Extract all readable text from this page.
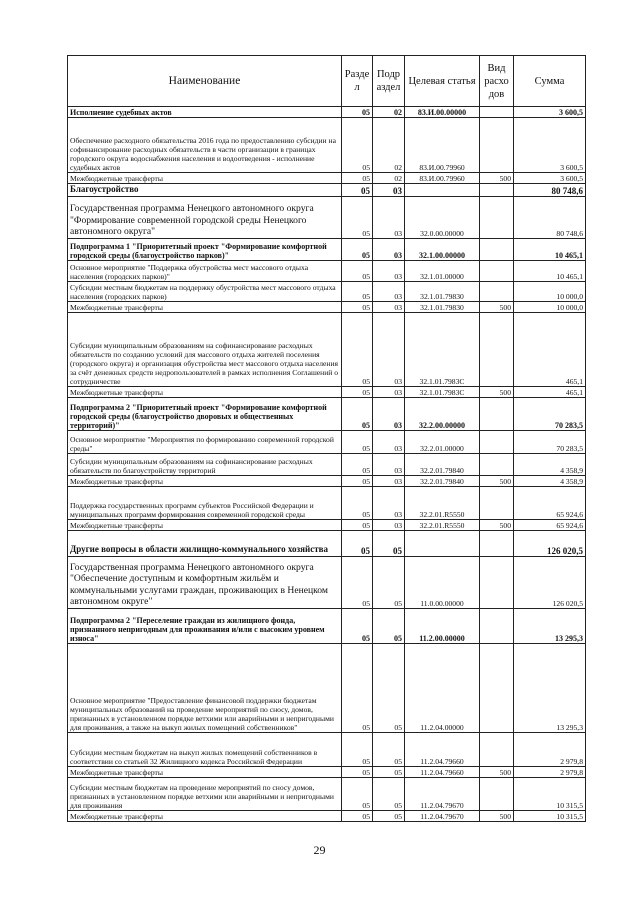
Наименование	Разде л	Подр аздел	Целевая статья	Вид расхо дов	Сумма
Исполнение судебных актов	05	02	83.И.00.00000		3 600,5
Обеспечение расходного обязательства 2016 года по предоставлению субсидии на софинансирование расходных обязательств в части организации в границах городского округа водоснабжения населения и водоотведения - исполнение судебных актов	05	02	83.И.00.79960		3 600,5
Межбюджетные трансферты	05	02	83.И.00.79960	500	3 600,5
Благоустройство	05	03			80 748,6
Государственная программа Ненецкого автономного округа "Формирование современной городской среды Ненецкого автономного округа"	05	03	32.0.00.00000		80 748,6
Подпрограмма 1 "Приоритетный проект "Формирование комфортной городской среды (благоустройство парков)"	05	03	32.1.00.00000		10 465,1
Основное мероприятие "Поддержка обустройства мест массового отдыха населения (городских парков)"	05	03	32.1.01.00000		10 465,1
Субсидии местным бюджетам на поддержку обустройства мест массового отдыха населения (городских парков)	05	03	32.1.01.79830		10 000,0
Межбюджетные трансферты	05	03	32.1.01.79830	500	10 000,0
Субсидии муниципальным образованиям на софинансирование расходных обязательств по созданию условий для массового отдыха жителей поселения (городского округа) и организация обустройства мест массового отдыха населения за счёт денежных средств недропользователей в рамках исполнения Соглашений о сотрудничестве	05	03	32.1.01.7983С		465,1
Межбюджетные трансферты	05	03	32.1.01.7983С	500	465,1
Подпрограмма 2 "Приоритетный проект "Формирование комфортной городской среды (благоустройство дворовых и общественных территорий)"	05	03	32.2.00.00000		70 283,5
Основное мероприятие "Мероприятия по формированию современной городской среды"	05	03	32.2.01.00000		70 283,5
Субсидии муниципальным образованиям на софинансирование расходных обязательств по благоустройству территорий	05	03	32.2.01.79840		4 358,9
Межбюджетные трансферты	05	03	32.2.01.79840	500	4 358,9
Поддержка государственных программ субъектов Российской Федерации и муниципальных программ формирования современной городской среды	05	03	32.2.01.R5550		65 924,6
Межбюджетные трансферты	05	03	32.2.01.R5550	500	65 924,6
Другие вопросы в области жилищно-коммунального хозяйства	05	05			126 020,5
Государственная программа Ненецкого автономного округа "Обеспечение доступным и комфортным жильём и коммунальными услугами граждан, проживающих в Ненецком автономном округе"	05	05	11.0.00.00000		126 020,5
Подпрограмма 2 "Переселение граждан из жилищного фонда, признанного непригодным для проживания и/или с высоким уровнем износа"	05	05	11.2.00.00000		13 295,3
Основное мероприятие "Предоставление финансовой поддержки бюджетам муниципальных образований на проведение мероприятий по сносу, домов, признанных в установленном порядке ветхими или аварийными и непригодными для проживания, а также на выкуп жилых помещений собственников"	05	05	11.2.04.00000		13 295,3
Субсидии местным бюджетам на выкуп жилых помещений собственников в соответствии со статьей 32 Жилищного кодекса Российской Федерации	05	05	11.2.04.79660		2 979,8
Межбюджетные трансферты	05	05	11.2.04.79660	500	2 979,8
Субсидии местным бюджетам на проведение мероприятий по сносу домов, признанных в установленном порядке ветхими или аварийными и непригодными для проживания	05	05	11.2.04.79670		10 315,5
Межбюджетные трансферты	05	05	11.2.04.79670	500	10 315,5
29
